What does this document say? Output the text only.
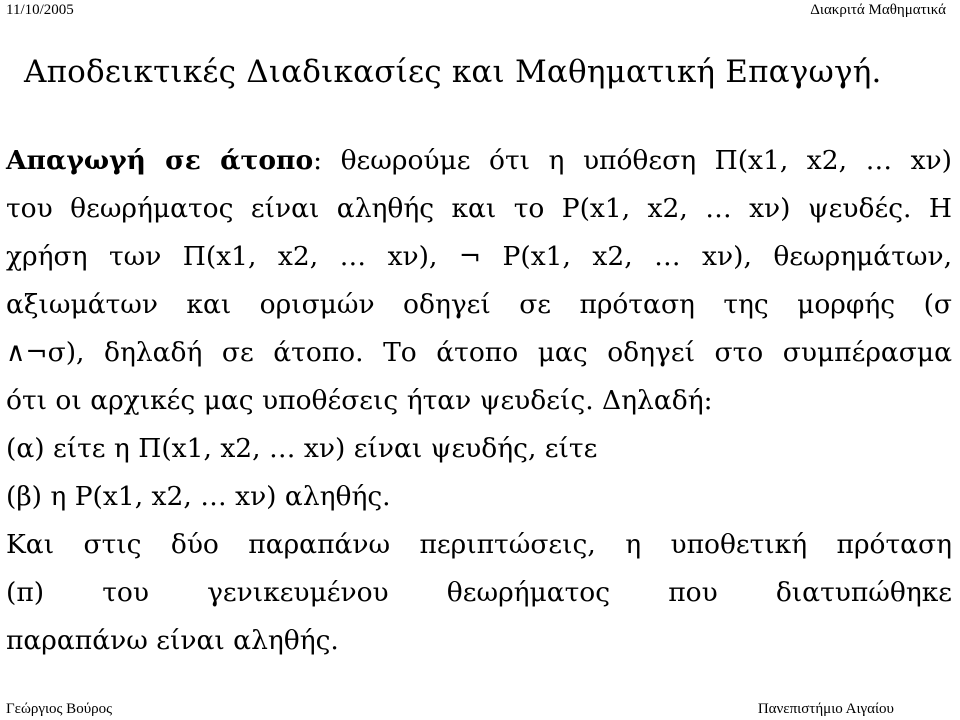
11/10/2005	Διακριτά Μαθηματικά
Αποδεικτικές Διαδικασίες και Μαθηματική Επαγωγή.
Απαγωγή σε άτοπο: θεωρούμε ότι η υπόθεση Π(x1, x2, … xν)
του θεωρήματος είναι αληθής και το Ρ(x1, x2, … xν) ψευδές. Η
χρήση των Π(x1, x2, … xν), ¬ Ρ(x1, x2, … xν), θεωρημάτων,
αξιωμάτων και ορισμών οδηγεί σε πρόταση της μορφής (σ
∧¬σ), δηλαδή σε άτοπο. Το άτοπο μας οδηγεί στο συμπέρασμα
ότι οι αρχικές μας υποθέσεις ήταν ψευδείς. Δηλαδή:
(α) είτε η Π(x1, x2, … xν) είναι ψευδής, είτε
(β) η Ρ(x1, x2, … xν) αληθής.
Και στις δύο παραπάνω περιπτώσεις, η υποθετική πρόταση
(π) του γενικευμένου θεωρήματος που διατυπώθηκε
παραπάνω είναι αληθής.
Γεώργιος Βούρος	Πανεπιστήμιο Αιγαίου
